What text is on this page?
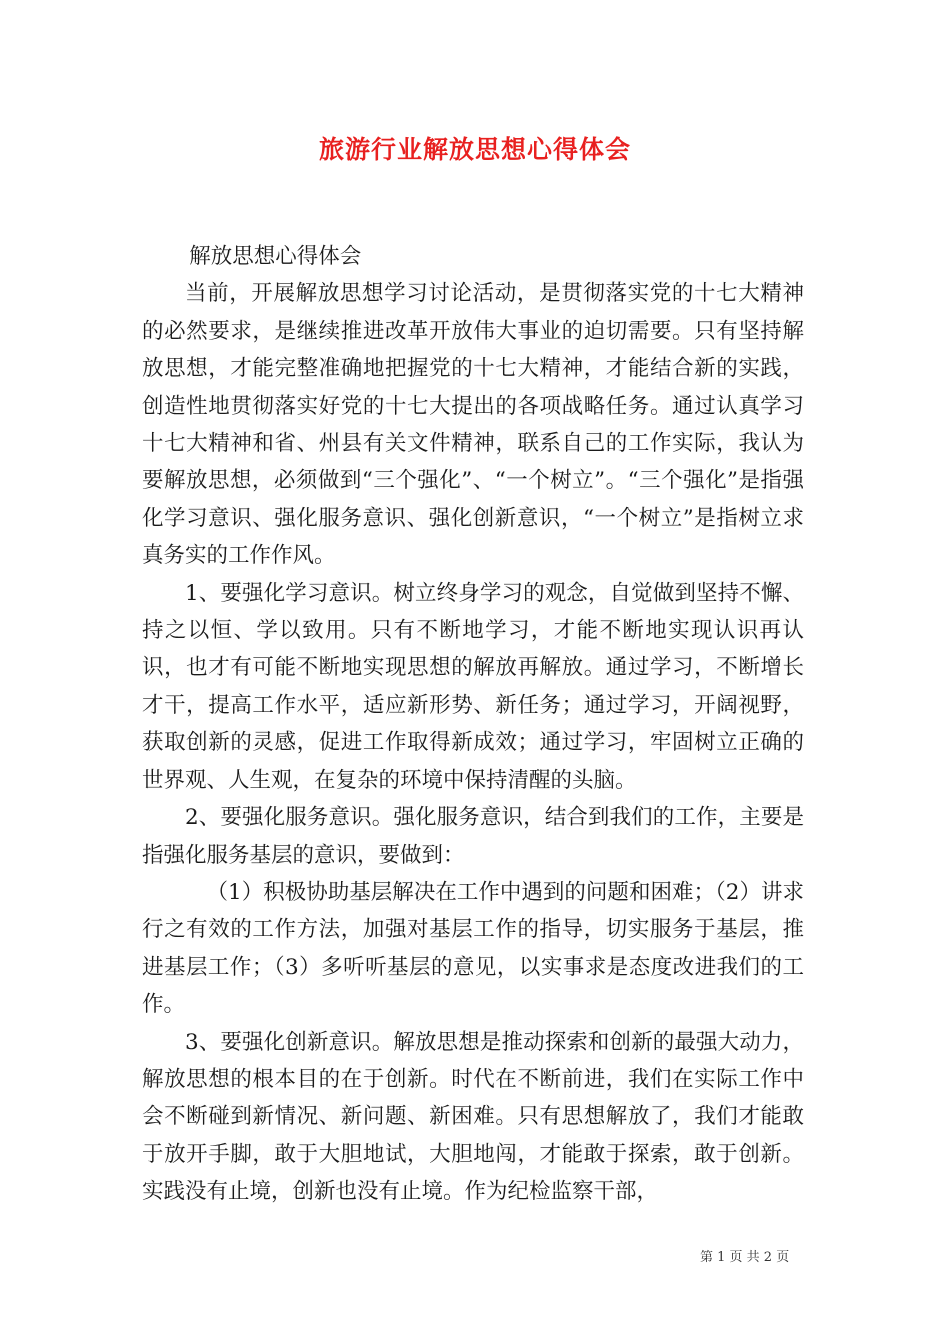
旅游行业解放思想心得体会

解放思想心得体会

当前，开展解放思想学习讨论活动，是贯彻落实党的十七大精神的必然要求，是继续推进改革开放伟大事业的迫切需要。只有坚持解放思想，才能完整准确地把握党的十七大精神，才能结合新的实践，创造性地贯彻落实好党的十七大提出的各项战略任务。通过认真学习十七大精神和省、州县有关文件精神，联系自己的工作实际，我认为要解放思想，必须做到“三个强化”、“一个树立”。“三个强化”是指强化学习意识、强化服务意识、强化创新意识，“一个树立”是指树立求真务实的工作作风。

1、要强化学习意识。树立终身学习的观念，自觉做到坚持不懈、持之以恒、学以致用。只有不断地学习，才能不断地实现认识再认识，也才有可能不断地实现思想的解放再解放。通过学习，不断增长才干，提高工作水平，适应新形势、新任务；通过学习，开阔视野，获取创新的灵感，促进工作取得新成效；通过学习，牢固树立正确的世界观、人生观，在复杂的环境中保持清醒的头脑。

2、要强化服务意识。强化服务意识，结合到我们的工作，主要是指强化服务基层的意识，要做到：

（1）积极协助基层解决在工作中遇到的问题和困难；（2）讲求行之有效的工作方法，加强对基层工作的指导，切实服务于基层，推进基层工作；（3）多听听基层的意见，以实事求是态度改进我们的工作。

3、要强化创新意识。解放思想是推动探索和创新的最强大动力，解放思想的根本目的在于创新。时代在不断前进，我们在实际工作中会不断碰到新情况、新问题、新困难。只有思想解放了，我们才能敢于放开手脚，敢于大胆地试，大胆地闯，才能敢于探索，敢于创新。实践没有止境，创新也没有止境。作为纪检监察干部，

第 1 页 共 2 页
